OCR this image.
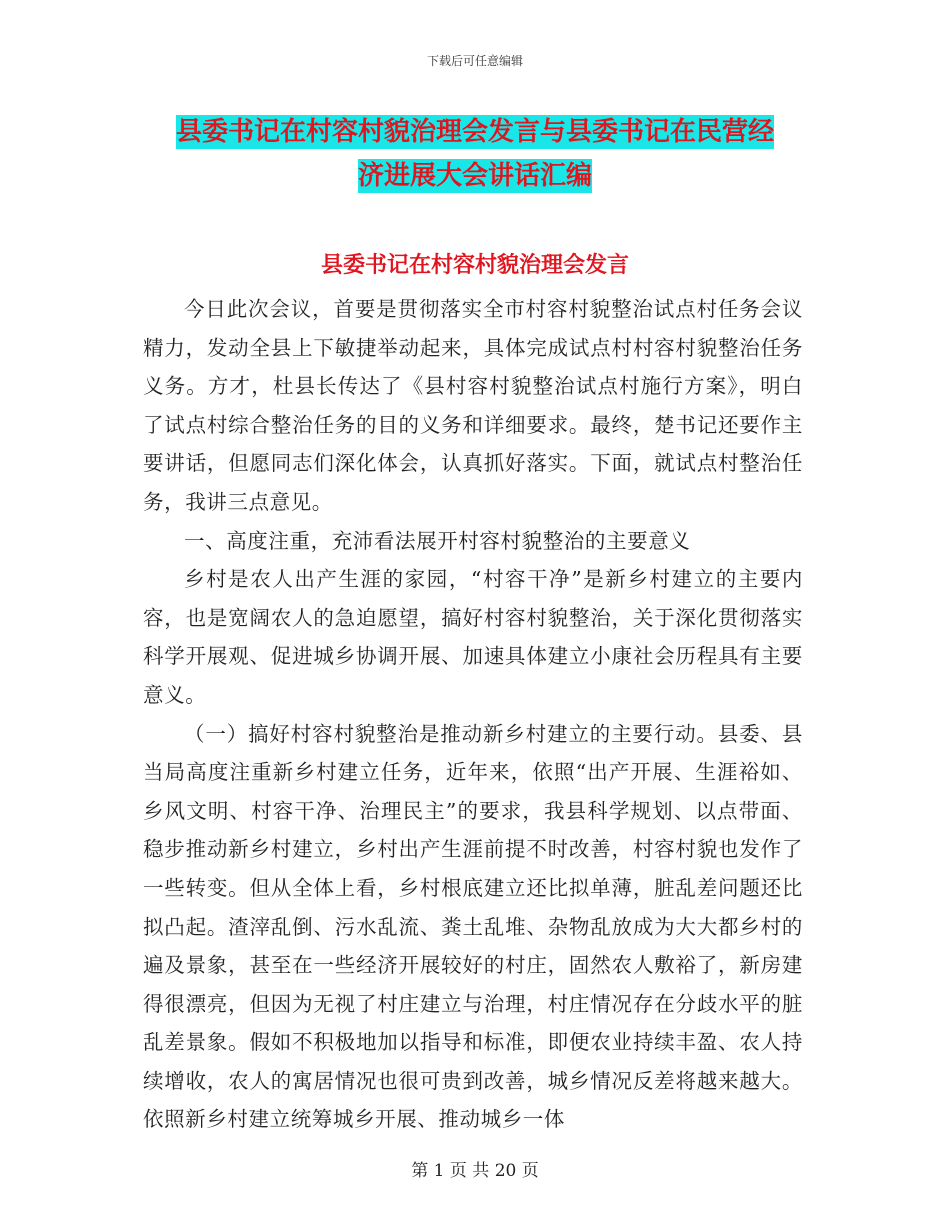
下载后可任意编辑
县委书记在村容村貌治理会发言与县委书记在民营经
济进展大会讲话汇编
县委书记在村容村貌治理会发言

今日此次会议，首要是贯彻落实全市村容村貌整治试点村任务会议精力，发动全县上下敏捷举动起来，具体完成试点村村容村貌整治任务义务。方才，杜县长传达了《县村容村貌整治试点村施行方案》，明白了试点村综合整治任务的目的义务和详细要求。最终，楚书记还要作主要讲话，但愿同志们深化体会，认真抓好落实。下面，就试点村整治任务，我讲三点意见。

一、高度注重，充沛看法展开村容村貌整治的主要意义

乡村是农人出产生涯的家园，“村容干净”是新乡村建立的主要内容，也是宽阔农人的急迫愿望，搞好村容村貌整治，关于深化贯彻落实科学开展观、促进城乡协调开展、加速具体建立小康社会历程具有主要意义。

（一）搞好村容村貌整治是推动新乡村建立的主要行动。县委、县当局高度注重新乡村建立任务，近年来，依照“出产开展、生涯裕如、乡风文明、村容干净、治理民主”的要求，我县科学规划、以点带面、稳步推动新乡村建立，乡村出产生涯前提不时改善，村容村貌也发作了一些转变。但从全体上看，乡村根底建立还比拟单薄，脏乱差问题还比拟凸起。渣滓乱倒、污水乱流、粪土乱堆、杂物乱放成为大大都乡村的遍及景象，甚至在一些经济开展较好的村庄，固然农人敷裕了，新房建得很漂亮，但因为无视了村庄建立与治理，村庄情况存在分歧水平的脏乱差景象。假如不积极地加以指导和标准，即便农业持续丰盈、农人持续增收，农人的寓居情况也很可贵到改善，城乡情况反差将越来越大。依照新乡村建立统筹城乡开展、推动城乡一体

第 1 页 共 20 页
